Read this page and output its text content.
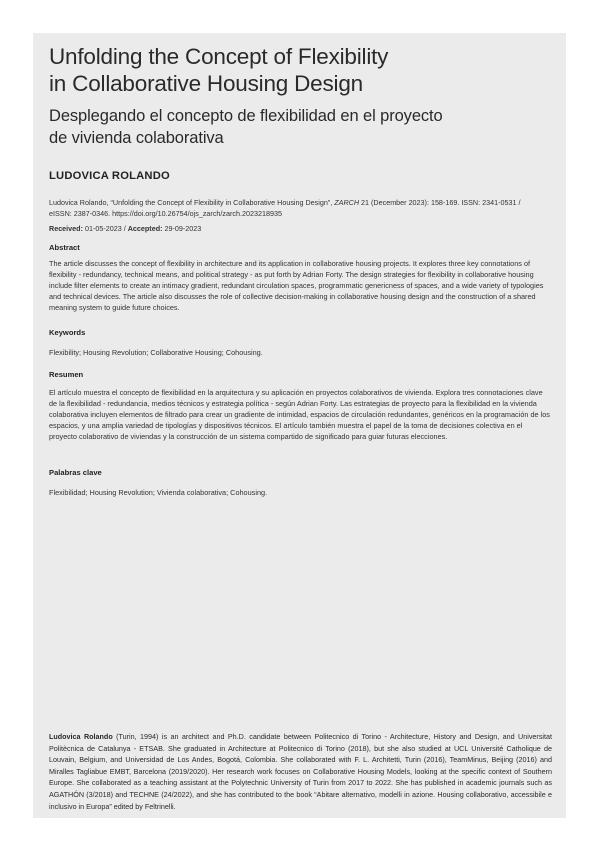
Unfolding the Concept of Flexibility
in Collaborative Housing Design
Desplegando el concepto de flexibilidad en el proyecto
de vivienda colaborativa
LUDOVICA ROLANDO
Ludovica Rolando, “Unfolding the Concept of Flexibility in Collaborative Housing Design”, ZARCH 21 (December 2023): 158-169. ISSN: 2341-0531 /
eISSN: 2387-0346. https://doi.org/10.26754/ojs_zarch/zarch.2023218935
Received: 01-05-2023 / Accepted: 29-09-2023
Abstract

The article discusses the concept of flexibility in architecture and its application in collaborative housing projects. It explores three key connotations of flexibility - redundancy, technical means, and political strategy - as put forth by Adrian Forty. The design strategies for flexibility in collaborative housing include filter elements to create an intimacy gradient, redundant circulation spaces, programmatic genericness of spaces, and a wide variety of typologies and technical devices. The article also discusses the role of collective decision-making in collaborative housing design and the construction of a shared meaning system to guide future choices.

Keywords

Flexibility; Housing Revolution; Collaborative Housing; Cohousing.

Resumen

El artículo muestra el concepto de flexibilidad en la arquitectura y su aplicación en proyectos colaborativos de vivienda. Explora tres connotaciones clave de la flexibilidad - redundancia, medios técnicos y estrategia política - según Adrian Forty. Las estrategias de proyecto para la flexibilidad en la vivienda colaborativa incluyen elementos de filtrado para crear un gradiente de intimidad, espacios de circulación redundantes, genéricos en la programación de los espacios, y una amplia variedad de tipologías y dispositivos técnicos. El artículo también muestra el papel de la toma de decisiones colectiva en el proyecto colaborativo de viviendas y la construcción de un sistema compartido de significado para guiar futuras elecciones.

Palabras clave

Flexibilidad; Housing Revolution; Vivienda colaborativa; Cohousing.

Ludovica Rolando (Turin, 1994) is an architect and Ph.D. candidate between Politecnico di Torino - Architecture, History and Design, and Universitat Politècnica de Catalunya - ETSAB. She graduated in Architecture at Politecnico di Torino (2018), but she also studied at UCL Université Catholique de Louvain, Belgium, and Universidad de Los Andes, Bogotá, Colombia. She collaborated with F. L. Architetti, Turin (2016), TeamMinus, Beijing (2016) and Miralles Tagliabue EMBT, Barcelona (2019/2020). Her research work focuses on Collaborative Housing Models, looking at the specific context of Southern Europe. She collaborated as a teaching assistant at the Polytechnic University of Turin from 2017 to 2022. She has published in academic journals such as AGATHÓN (3/2018) and TECHNE (24/2022), and she has contributed to the book “Abitare alternativo, modelli in azione. Housing collaborativo, accessibile e inclusivo in Europa” edited by Feltrinelli.
